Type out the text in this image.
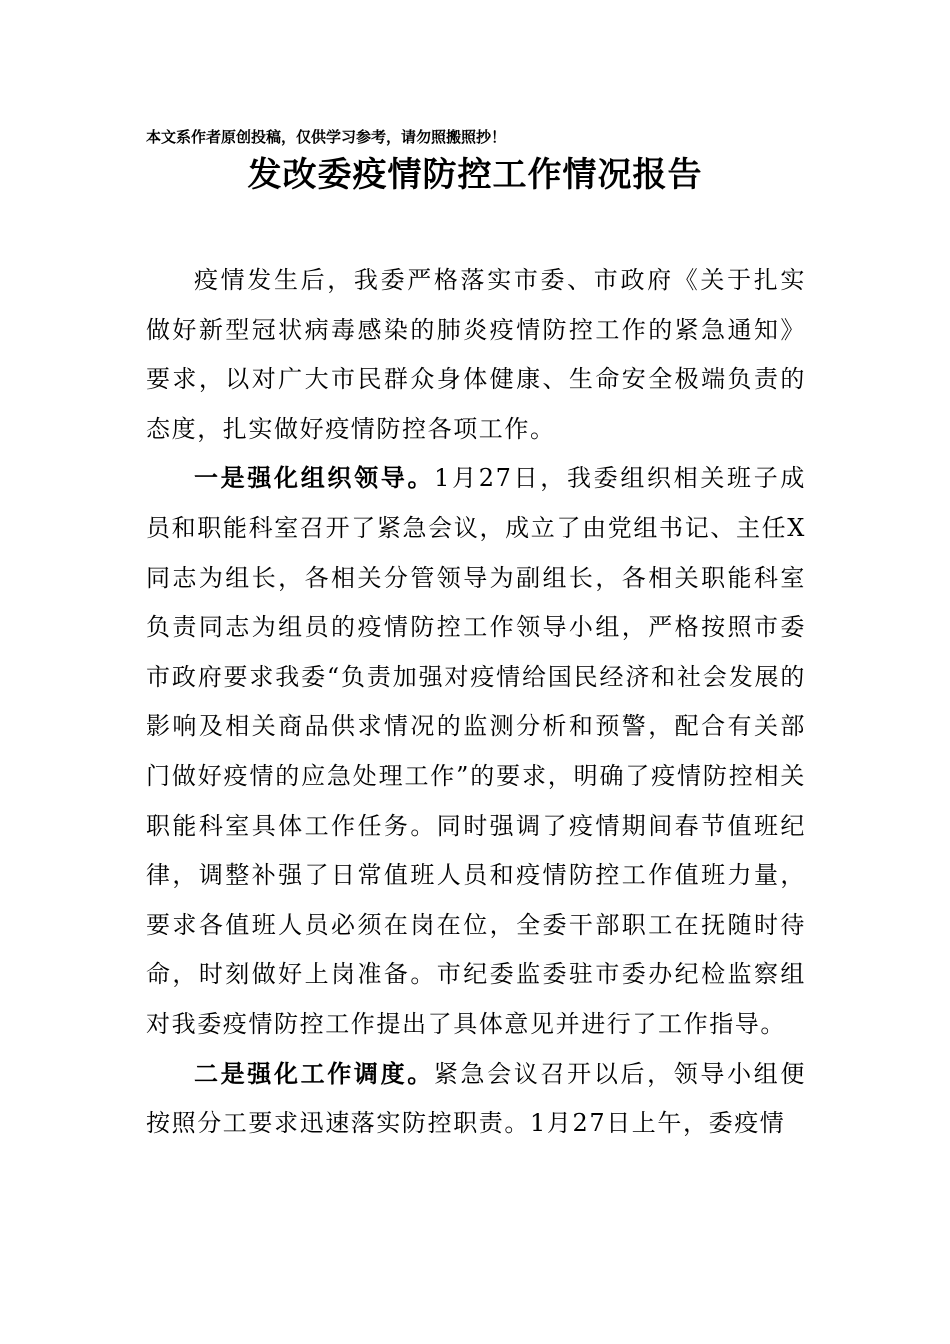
本文系作者原创投稿，仅供学习参考，请勿照搬照抄！
发改委疫情防控工作情况报告

疫情发生后，我委严格落实市委、市政府《关于扎实做好新型冠状病毒感染的肺炎疫情防控工作的紧急通知》要求，以对广大市民群众身体健康、生命安全极端负责的态度，扎实做好疫情防控各项工作。

一是强化组织领导。1月27日，我委组织相关班子成员和职能科室召开了紧急会议，成立了由党组书记、主任X同志为组长，各相关分管领导为副组长，各相关职能科室负责同志为组员的疫情防控工作领导小组，严格按照市委市政府要求我委“负责加强对疫情给国民经济和社会发展的影响及相关商品供求情况的监测分析和预警，配合有关部门做好疫情的应急处理工作”的要求，明确了疫情防控相关职能科室具体工作任务。同时强调了疫情期间春节值班纪律，调整补强了日常值班人员和疫情防控工作值班力量，要求各值班人员必须在岗在位，全委干部职工在抚随时待命，时刻做好上岗准备。市纪委监委驻市委办纪检监察组对我委疫情防控工作提出了具体意见并进行了工作指导。

二是强化工作调度。紧急会议召开以后，领导小组便按照分工要求迅速落实防控职责。1月27日上午，委疫情
